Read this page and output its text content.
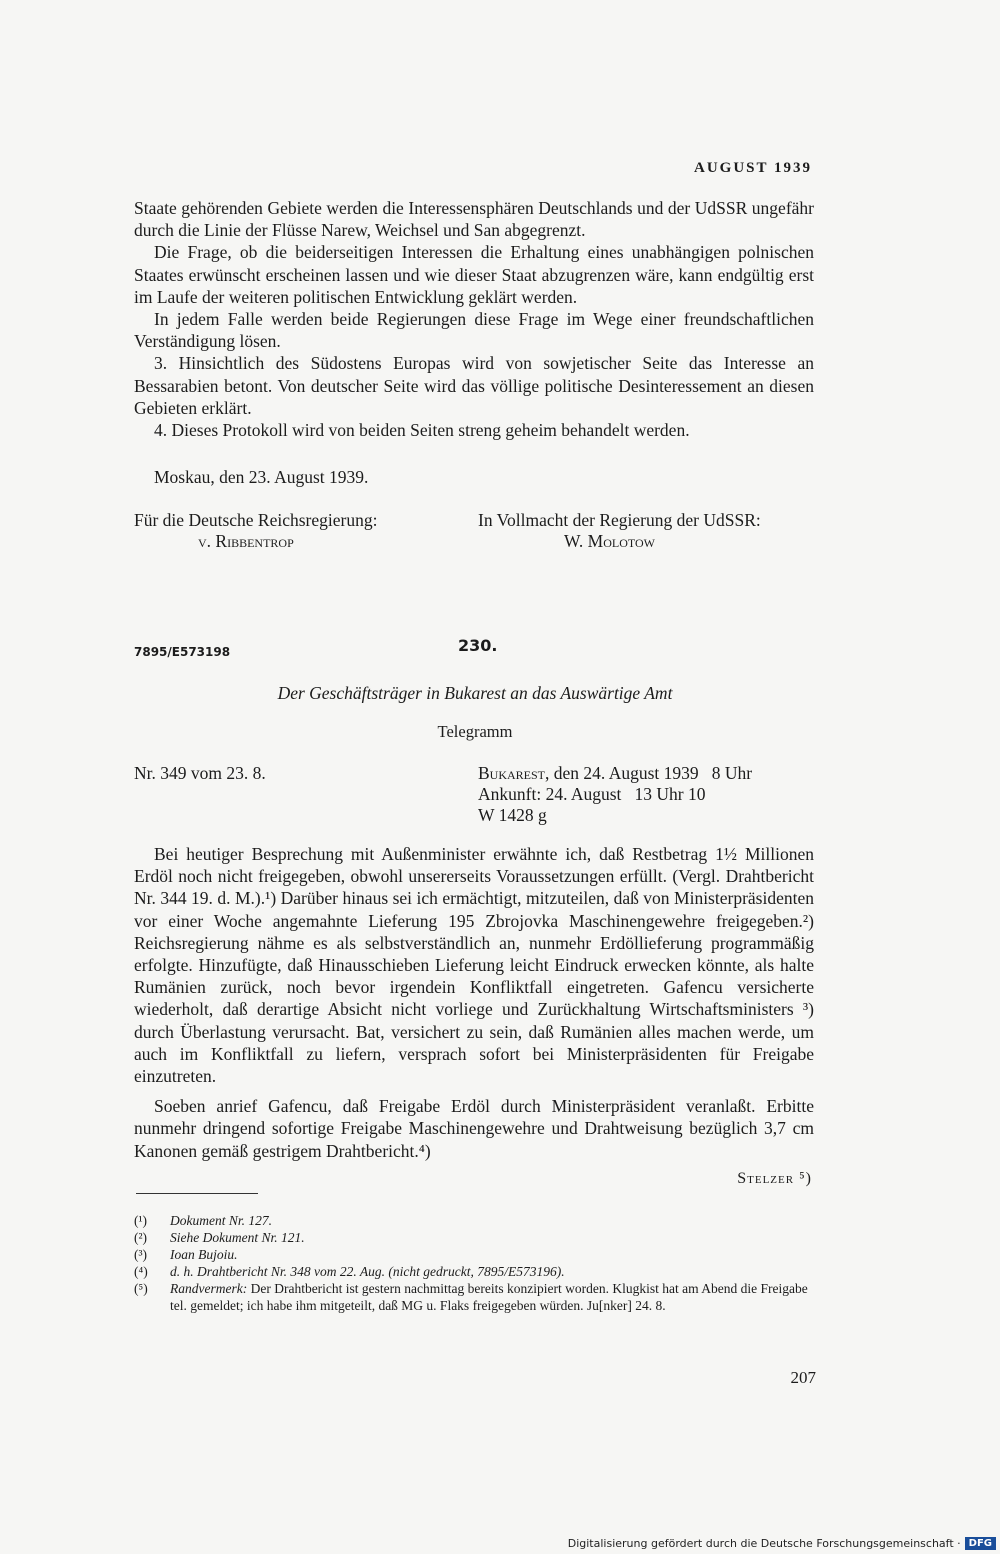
AUGUST 1939

Staate gehörenden Gebiete werden die Interessensphären Deutschlands und der UdSSR ungefähr durch die Linie der Flüsse Narew, Weichsel und San abgegrenzt.

Die Frage, ob die beiderseitigen Interessen die Erhaltung eines unabhängigen polnischen Staates erwünscht erscheinen lassen und wie dieser Staat abzugrenzen wäre, kann endgültig erst im Laufe der weiteren politischen Entwicklung geklärt werden.

In jedem Falle werden beide Regierungen diese Frage im Wege einer freundschaftlichen Verständigung lösen.

3. Hinsichtlich des Südostens Europas wird von sowjetischer Seite das Interesse an Bessarabien betont. Von deutscher Seite wird das völlige politische Desinteressement an diesen Gebieten erklärt.

4. Dieses Protokoll wird von beiden Seiten streng geheim behandelt werden.

Moskau, den 23. August 1939.
Für die Deutsche Reichsregierung:
v. Ribbentrop
In Vollmacht der Regierung der UdSSR:
W. Molotow
230.
7895/E573198
Der Geschäftsträger in Bukarest an das Auswärtige Amt
Telegramm
Nr. 349 vom 23. 8.	Bukarest, den 24. August 1939   8 Uhr
Ankunft: 24. August   13 Uhr 10
W 1428 g

Bei heutiger Besprechung mit Außenminister erwähnte ich, daß Restbetrag 1½ Millionen Erdöl noch nicht freigegeben, obwohl unsererseits Voraussetzungen erfüllt. (Vergl. Drahtbericht Nr. 344 19. d. M.).¹) Darüber hinaus sei ich ermächtigt, mitzuteilen, daß von Ministerpräsidenten vor einer Woche angemahnte Lieferung 195 Zbrojovka Maschinengewehre freigegeben.²) Reichsregierung nähme es als selbstverständlich an, nunmehr Erdöllieferung programmäßig erfolgte. Hinzufügte, daß Hinausschieben Lieferung leicht Eindruck erwecken könnte, als halte Rumänien zurück, noch bevor irgendein Konfliktfall eingetreten. Gafencu versicherte wiederholt, daß derartige Absicht nicht vorliege und Zurückhaltung Wirtschaftsministers ³) durch Überlastung verursacht. Bat, versichert zu sein, daß Rumänien alles machen werde, um auch im Konfliktfall zu liefern, versprach sofort bei Ministerpräsidenten für Freigabe einzutreten.

Soeben anrief Gafencu, daß Freigabe Erdöl durch Ministerpräsident veranlaßt. Erbitte nunmehr dringend sofortige Freigabe Maschinengewehre und Drahtweisung bezüglich 3,7 cm Kanonen gemäß gestrigem Drahtbericht.⁴)

Stelzer ⁵)
(¹)	Dokument Nr. 127.
(²)	Siehe Dokument Nr. 121.
(³)	Ioan Bujoiu.
(⁴)	d. h. Drahtbericht Nr. 348 vom 22. Aug. (nicht gedruckt, 7895/E573196).
(⁵)	Randvermerk: Der Drahtbericht ist gestern nachmittag bereits konzipiert worden. Klugkist hat am Abend die Freigabe tel. gemeldet; ich habe ihm mitgeteilt, daß MG u. Flaks freigegeben würden. Ju[nker] 24. 8.
207
Digitalisierung gefördert durch die Deutsche Forschungsgemeinschaft · DFG
